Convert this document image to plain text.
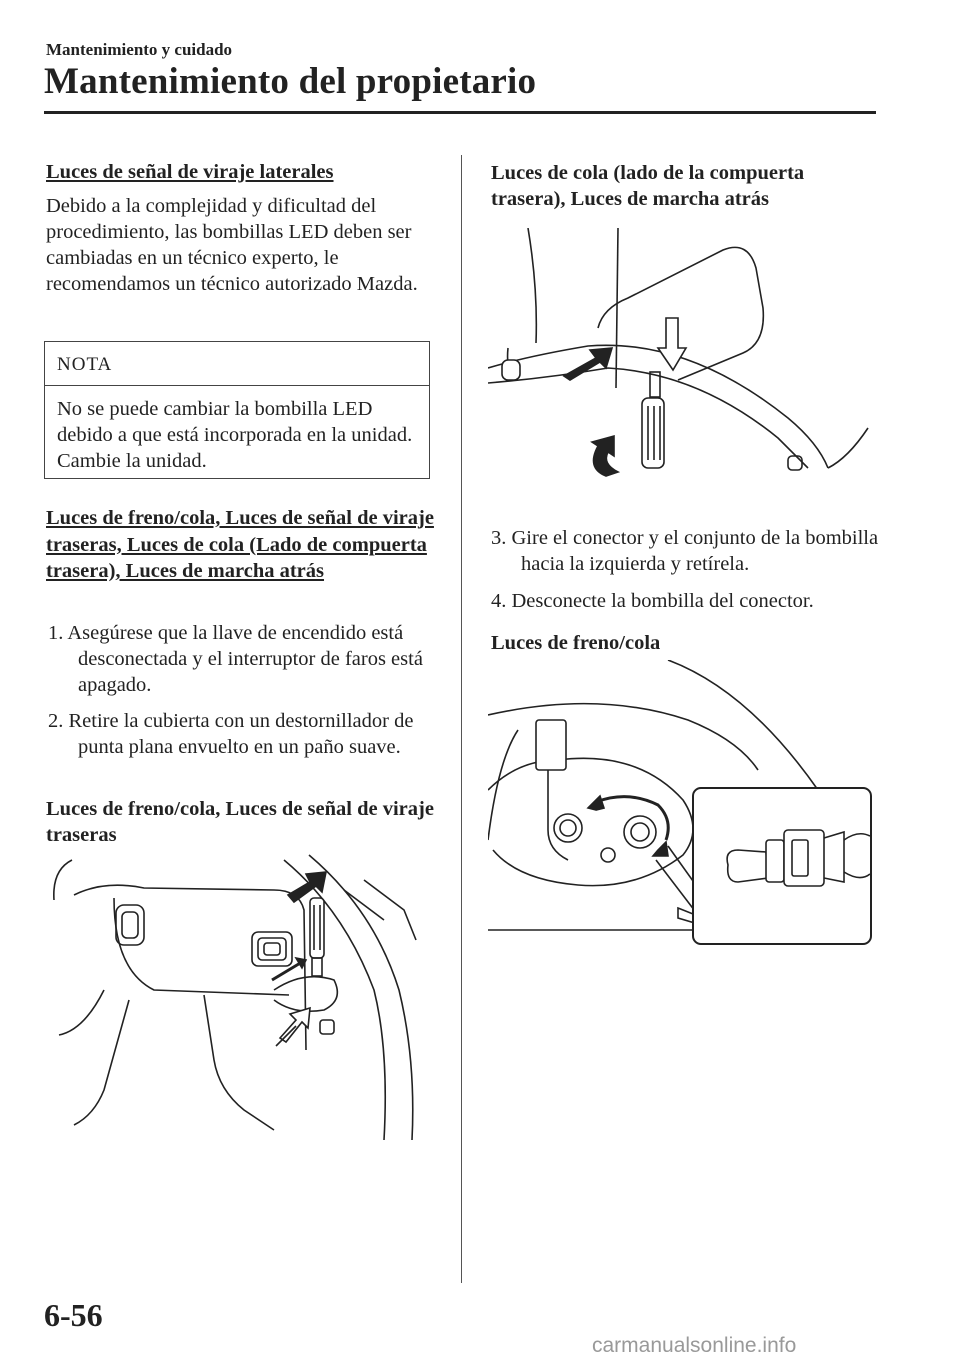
Mantenimiento y cuidado
Mantenimiento del propietario
Luces de señal de viraje laterales
Debido a la complejidad y dificultad del procedimiento, las bombillas LED deben ser cambiadas en un técnico experto, le recomendamos un técnico autorizado Mazda.
NOTA
No se puede cambiar la bombilla LED debido a que está incorporada en la unidad. Cambie la unidad.
Luces de freno/cola, Luces de señal de viraje traseras, Luces de cola (Lado de compuerta trasera), Luces de marcha atrás
1. Asegúrese que la llave de encendido está desconectada y el interruptor de faros está apagado.
2. Retire la cubierta con un destornillador de punta plana envuelto en un paño suave.
Luces de freno/cola, Luces de señal de viraje traseras
Luces de cola (lado de la compuerta trasera), Luces de marcha atrás
3. Gire el conector y el conjunto de la bombilla hacia la izquierda y retírela.
4. Desconecte la bombilla del conector.
Luces de freno/cola
6-56
carmanualsonline.info
